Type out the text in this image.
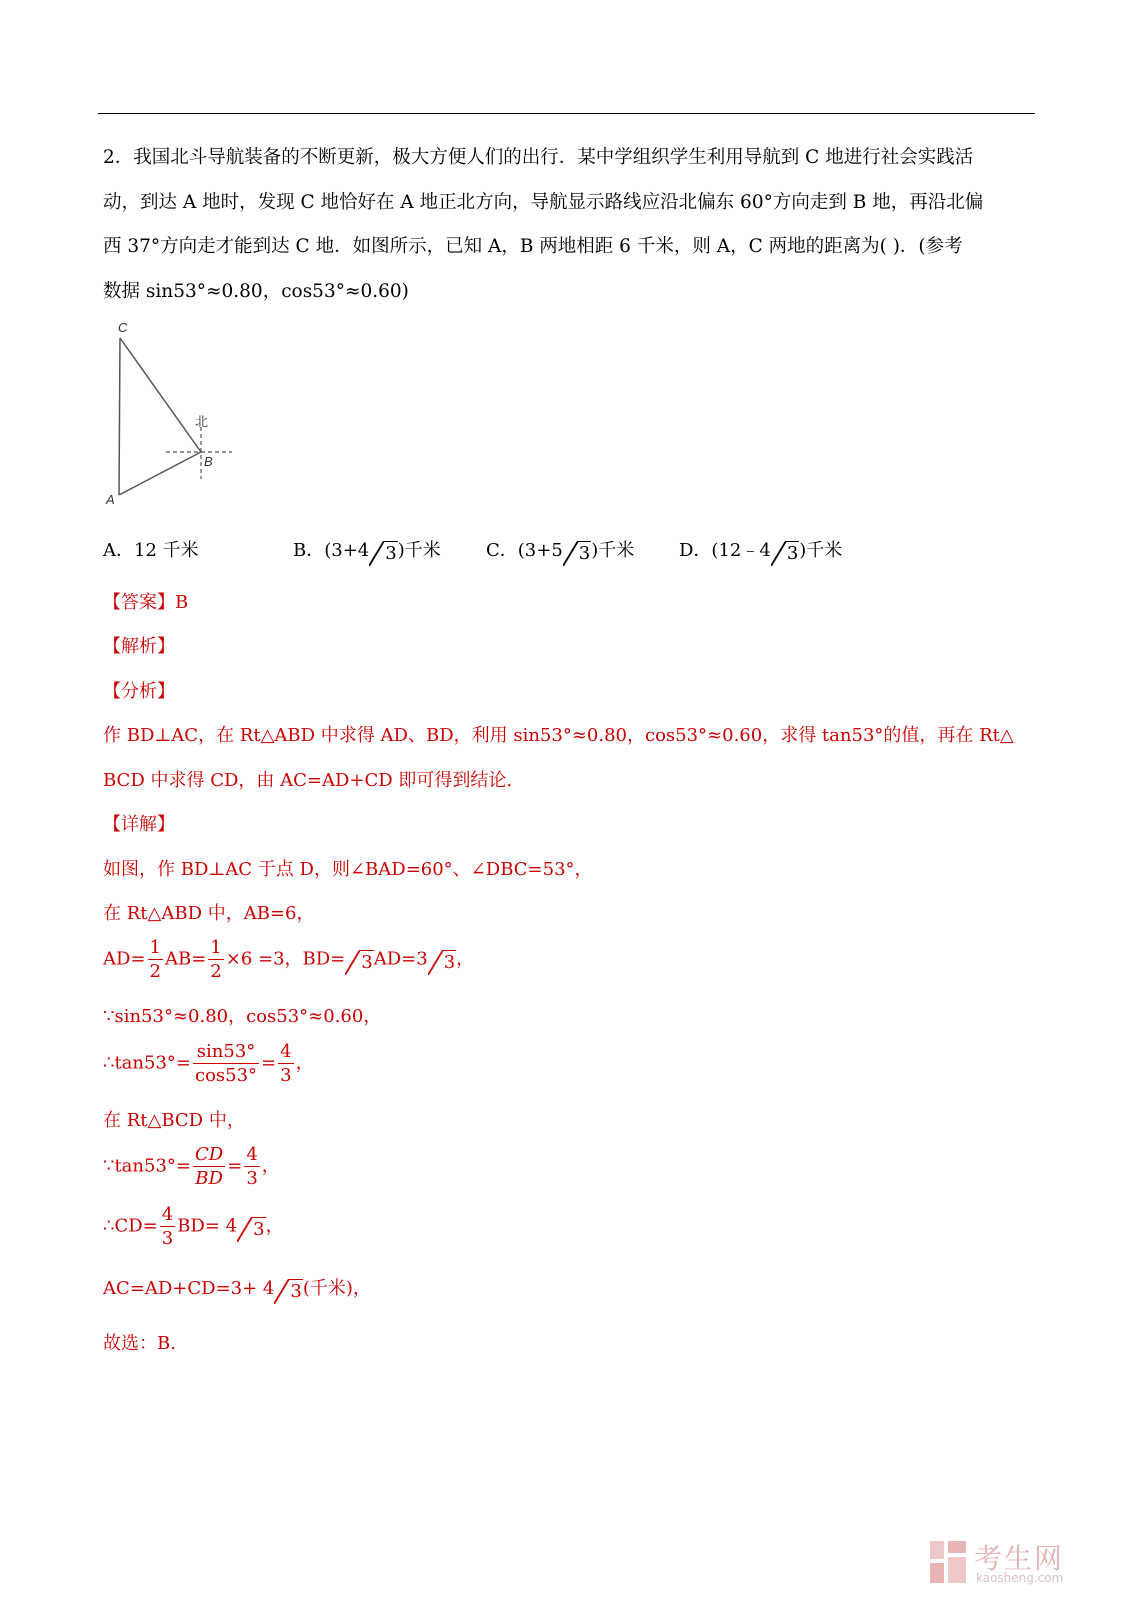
2．我国北斗导航装备的不断更新，极大方便人们的出行．某中学组织学生利用导航到 C 地进行社会实践活
动，到达 A 地时，发现 C 地恰好在 A 地正北方向，导航显示路线应沿北偏东 60°方向走到 B 地，再沿北偏
西 37°方向走才能到达 C 地．如图所示，已知 A，B 两地相距 6 千米，则 A，C 两地的距离为( )．(参考
数据 sin53°≈0.80，cos53°≈0.60)
C
A
B
北
A．12 千米	B．(3+4 3)千米	C．(3+5 3)千米 D．(12﹣4 3)千米
【答案】B
【解析】
【分析】
作 BD⊥AC，在 Rt△ABD 中求得 AD、BD，利用 sin53°≈0.80，cos53°≈0.60，求得 tan53°的值，再在 Rt△
BCD 中求得 CD，由 AC=AD+CD 即可得到结论.
【详解】
如图，作 BD⊥AC 于点 D，则∠BAD=60°、∠DBC=53°，
在 Rt△ABD 中，AB=6，
$AD= \frac{1}{2} AB= \frac{1}{2} \times 6 =3$，BD= 3AD=3 3，
∵sin53°≈0.80，cos53°≈0.60，
∴tan53°= $\frac{\sin 53^\circ}{\cos 53^\circ} = \frac{4}{3}$ ，
在 Rt△BCD 中，
∵tan53°= $\frac{CD}{BD} = \frac{4}{3}$ ，
∴CD= $\frac{4}{3} BD= 4$ 3，
AC=AD+CD=3+ 4 3(千米)，
故选：B.
考生网
kaosheng.com
